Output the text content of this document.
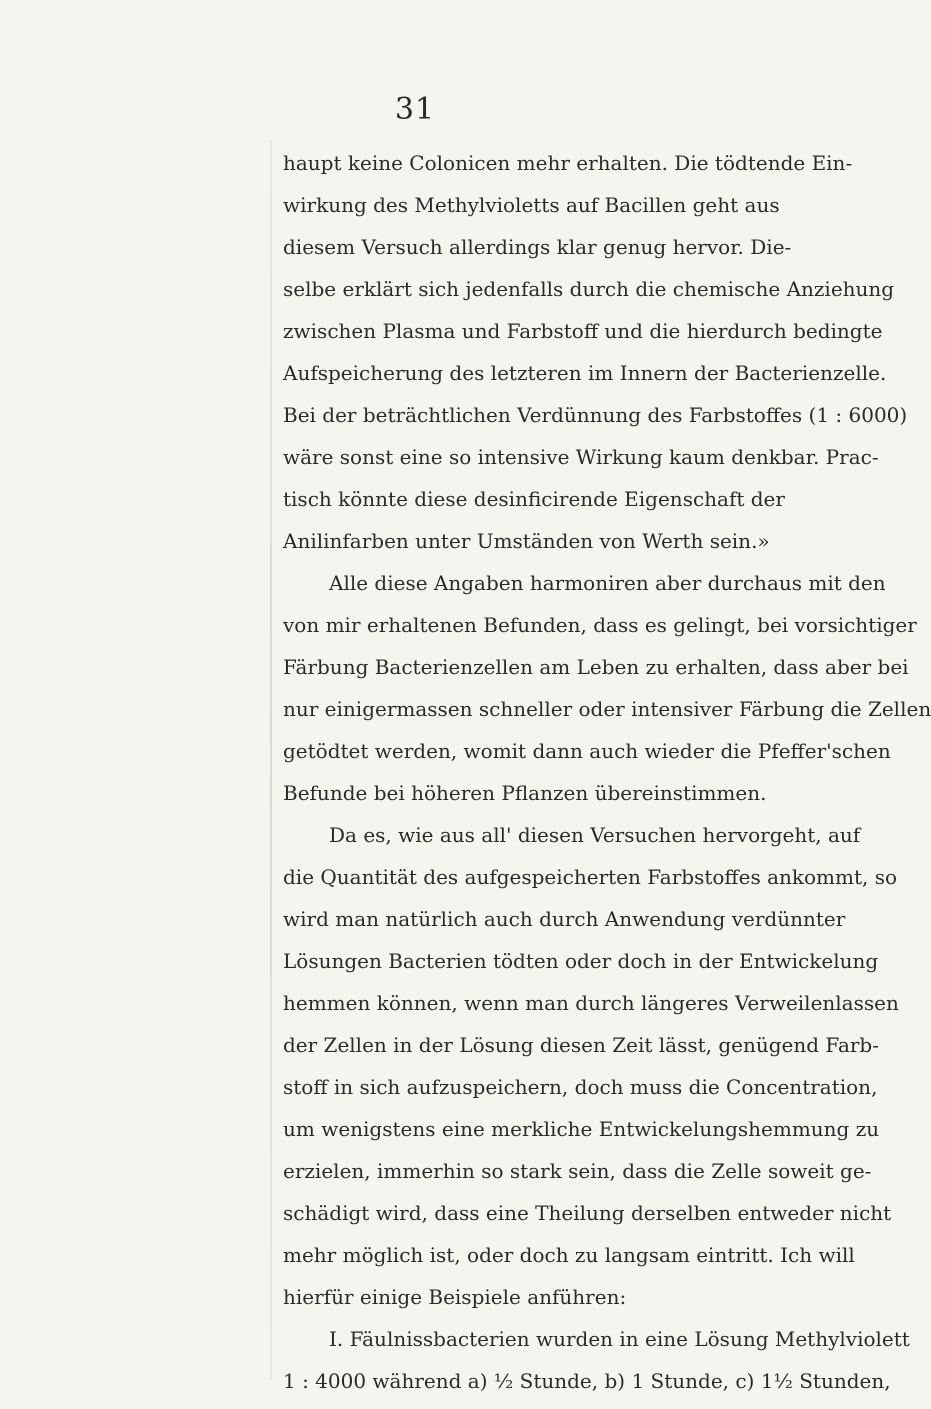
31
haupt keine Colonicen mehr erhalten. Die tödtende Ein-
wirkung des Methylvioletts auf Bacillen geht aus
diesem Versuch allerdings klar genug hervor. Die-
selbe erklärt sich jedenfalls durch die chemische Anziehung
zwischen Plasma und Farbstoff und die hierdurch bedingte
Aufspeicherung des letzteren im Innern der Bacterienzelle.
Bei der beträchtlichen Verdünnung des Farbstoffes (1 : 6000)
wäre sonst eine so intensive Wirkung kaum denkbar. Prac-
tisch könnte diese desinficirende Eigenschaft der
Anilinfarben unter Umständen von Werth sein.»
Alle diese Angaben harmoniren aber durchaus mit den
von mir erhaltenen Befunden, dass es gelingt, bei vorsichtiger
Färbung Bacterienzellen am Leben zu erhalten, dass aber bei
nur einigermassen schneller oder intensiver Färbung die Zellen
getödtet werden, womit dann auch wieder die Pfeffer'schen
Befunde bei höheren Pflanzen übereinstimmen.
Da es, wie aus all' diesen Versuchen hervorgeht, auf
die Quantität des aufgespeicherten Farbstoffes ankommt, so
wird man natürlich auch durch Anwendung verdünnter
Lösungen Bacterien tödten oder doch in der Entwickelung
hemmen können, wenn man durch längeres Verweilenlassen
der Zellen in der Lösung diesen Zeit lässt, genügend Farb-
stoff in sich aufzuspeichern, doch muss die Concentration,
um wenigstens eine merkliche Entwickelungshemmung zu
erzielen, immerhin so stark sein, dass die Zelle soweit ge-
schädigt wird, dass eine Theilung derselben entweder nicht
mehr möglich ist, oder doch zu langsam eintritt. Ich will
hierfür einige Beispiele anführen:
I. Fäulnissbacterien wurden in eine Lösung Methylviolett
1 : 4000 während a) ½ Stunde, b) 1 Stunde, c) 1½ Stunden,
